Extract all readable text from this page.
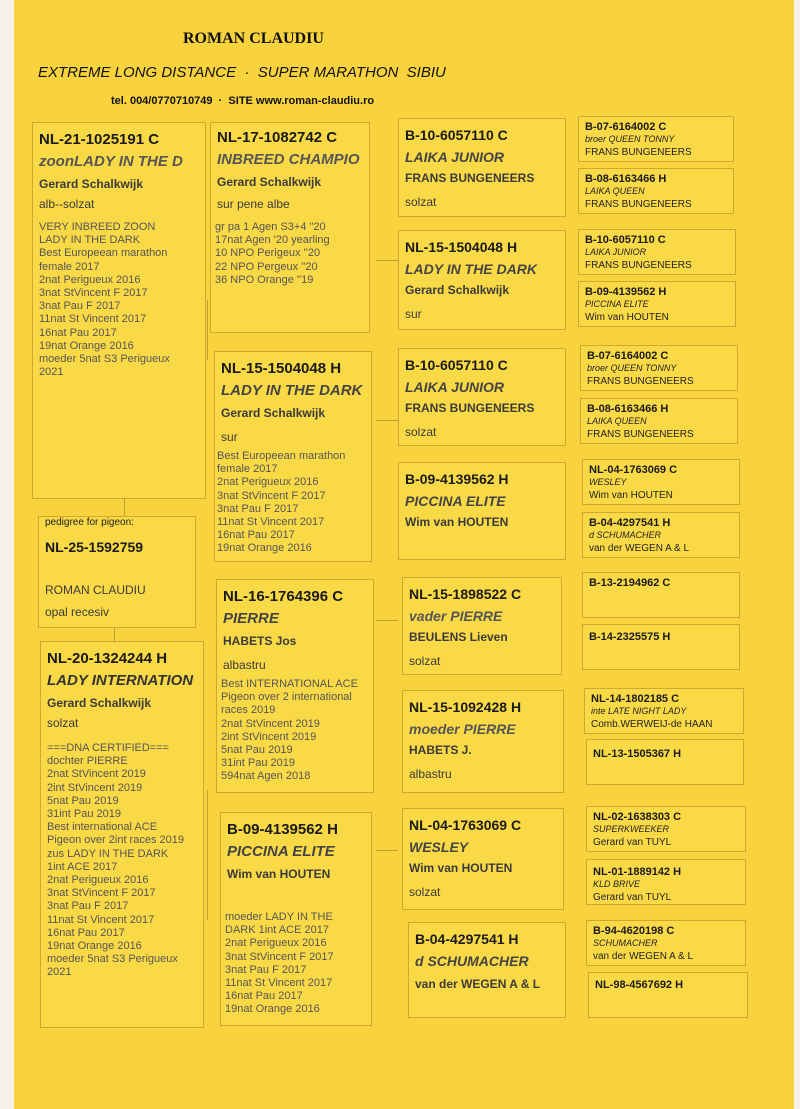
ROMAN CLAUDIU
EXTREME LONG DISTANCE  ·  SUPER MARATHON  SIBIU
tel. 004/0770710749  ·  SITE www.roman-claudiu.ro
pedigree for pigeon:
NL-25-1592759
ROMAN CLAUDIU
opal recesiv
NL-21-1025191 C
zoonLADY IN THE D
Gerard Schalkwijk
alb--solzat
VERY INBREED ZOON
LADY IN THE DARK
Best Europeean marathon
female 2017
2nat Perigueux 2016
3nat StVincent F 2017
3nat Pau F 2017
11nat St Vincent 2017
16nat Pau 2017
19nat Orange 2016
moeder 5nat S3 Perigueux
2021
NL-20-1324244 H
LADY INTERNATION
Gerard Schalkwijk
solzat
===DNA CERTIFIED===
dochter PIERRE
2nat StVincent 2019
2int StVincent 2019
5nat Pau 2019
31int Pau 2019
Best international ACE
Pigeon over 2int races 2019
zus LADY IN THE DARK
1int ACE 2017
2nat Perigueux 2016
3nat StVincent F 2017
3nat Pau F 2017
11nat St Vincent 2017
16nat Pau 2017
19nat Orange 2016
moeder 5nat S3 Perigueux
2021
NL-17-1082742 C
INBREED CHAMPIO
Gerard Schalkwijk
sur pene albe
gr pa 1 Agen S3+4 "20
17nat Agen '20 yearling
10 NPO Perigeux ''20
22 NPO Pergeux ''20
36 NPO Orange ''19
NL-15-1504048 H
LADY IN THE DARK
Gerard Schalkwijk
sur
Best Europeean marathon
female 2017
2nat Perigueux 2016
3nat StVincent F 2017
3nat Pau F 2017
11nat St Vincent 2017
16nat Pau 2017
19nat Orange 2016
NL-16-1764396 C
PIERRE
HABETS Jos
albastru
Best INTERNATIONAL ACE
Pigeon over 2 international
races 2019
2nat StVincent 2019
2int StVincent 2019
5nat Pau 2019
31int Pau 2019
594nat Agen 2018
B-09-4139562 H
PICCINA ELITE
Wim van HOUTEN
moeder LADY IN THE
DARK 1int ACE 2017
2nat Perigueux 2016
3nat StVincent F 2017
3nat Pau F 2017
11nat St Vincent 2017
16nat Pau 2017
19nat Orange 2016
B-10-6057110 C
LAIKA JUNIOR
FRANS BUNGENEERS
solzat
NL-15-1504048 H
LADY IN THE DARK
Gerard Schalkwijk
sur
B-10-6057110 C
LAIKA JUNIOR
FRANS BUNGENEERS
solzat
B-09-4139562 H
PICCINA ELITE
Wim van HOUTEN
NL-15-1898522 C
vader PIERRE
BEULENS Lieven
solzat
NL-15-1092428 H
moeder PIERRE
HABETS J.
albastru
NL-04-1763069 C
WESLEY
Wim van HOUTEN
solzat
B-04-4297541 H
d SCHUMACHER
van der WEGEN A & L
B-07-6164002 C
broer QUEEN TONNY
FRANS BUNGENEERS
B-08-6163466 H
LAIKA QUEEN
FRANS BUNGENEERS
B-10-6057110 C
LAIKA JUNIOR
FRANS BUNGENEERS
B-09-4139562 H
PICCINA ELITE
Wim van HOUTEN
B-07-6164002 C
broer QUEEN TONNY
FRANS BUNGENEERS
B-08-6163466 H
LAIKA QUEEN
FRANS BUNGENEERS
NL-04-1763069 C
WESLEY
Wim van HOUTEN
B-04-4297541 H
d SCHUMACHER
van der WEGEN A & L
B-13-2194962 C
B-14-2325575 H
NL-14-1802185 C
inte LATE NIGHT LADY
Comb.WERWEIJ-de HAAN
NL-13-1505367 H
NL-02-1638303 C
SUPERKWEEKER
Gerard van TUYL
NL-01-1889142 H
KLD BRIVE
Gerard van TUYL
B-94-4620198 C
SCHUMACHER
van der WEGEN A & L
NL-98-4567692 H
